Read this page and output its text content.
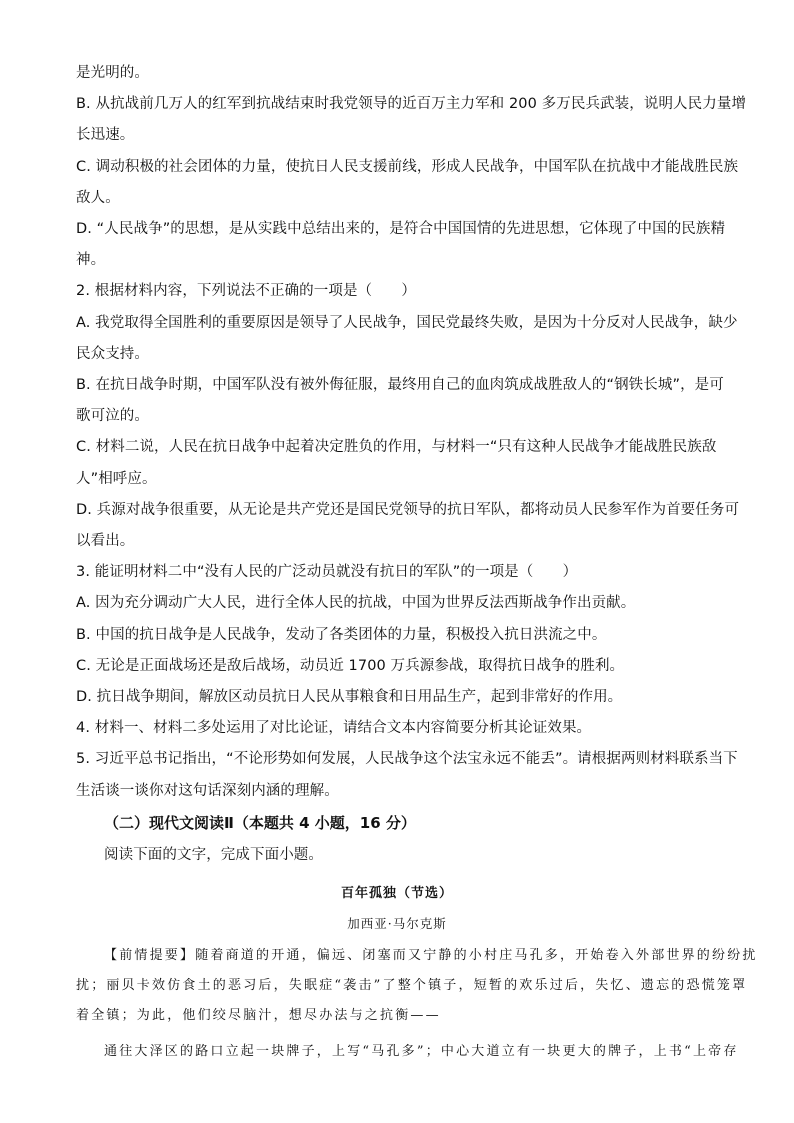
是光明的。
B. 从抗战前几万人的红军到抗战结束时我党领导的近百万主力军和 200 多万民兵武装，说明人民力量增
长迅速。
C. 调动积极的社会团体的力量，使抗日人民支援前线，形成人民战争，中国军队在抗战中才能战胜民族
敌人。
D. “人民战争”的思想，是从实践中总结出来的，是符合中国国情的先进思想，它体现了中国的民族精
神。
2. 根据材料内容，下列说法不正确的一项是（　　）
A. 我党取得全国胜利的重要原因是领导了人民战争，国民党最终失败，是因为十分反对人民战争，缺少
民众支持。
B. 在抗日战争时期，中国军队没有被外侮征服，最终用自己的血肉筑成战胜敌人的“钢铁长城”，是可
歌可泣的。
C. 材料二说，人民在抗日战争中起着决定胜负的作用，与材料一“只有这种人民战争才能战胜民族敌
人”相呼应。
D. 兵源对战争很重要，从无论是共产党还是国民党领导的抗日军队，都将动员人民参军作为首要任务可
以看出。
3. 能证明材料二中“没有人民的广泛动员就没有抗日的军队”的一项是（　　）
A. 因为充分调动广大人民，进行全体人民的抗战，中国为世界反法西斯战争作出贡献。
B. 中国的抗日战争是人民战争，发动了各类团体的力量，积极投入抗日洪流之中。
C. 无论是正面战场还是敌后战场，动员近 1700 万兵源参战，取得抗日战争的胜利。
D. 抗日战争期间，解放区动员抗日人民从事粮食和日用品生产，起到非常好的作用。
4. 材料一、材料二多处运用了对比论证，请结合文本内容简要分析其论证效果。
5. 习近平总书记指出，“不论形势如何发展，人民战争这个法宝永远不能丢”。请根据两则材料联系当下
生活谈一谈你对这句话深刻内涵的理解。
（二）现代文阅读Ⅱ（本题共 4 小题，16 分）
阅读下面的文字，完成下面小题。
百年孤独（节选）
加西亚·马尔克斯
【前情提要】随着商道的开通，偏远、闭塞而又宁静的小村庄马孔多，开始卷入外部世界的纷纷扰
扰；丽贝卡效仿食土的恶习后，失眠症“袭击”了整个镇子，短暂的欢乐过后，失忆、遗忘的恐慌笼罩
着全镇；为此，他们绞尽脑汁，想尽办法与之抗衡——
通往大泽区的路口立起一块牌子，上写“马孔多”；中心大道立有一块更大的牌子，上书“上帝存
